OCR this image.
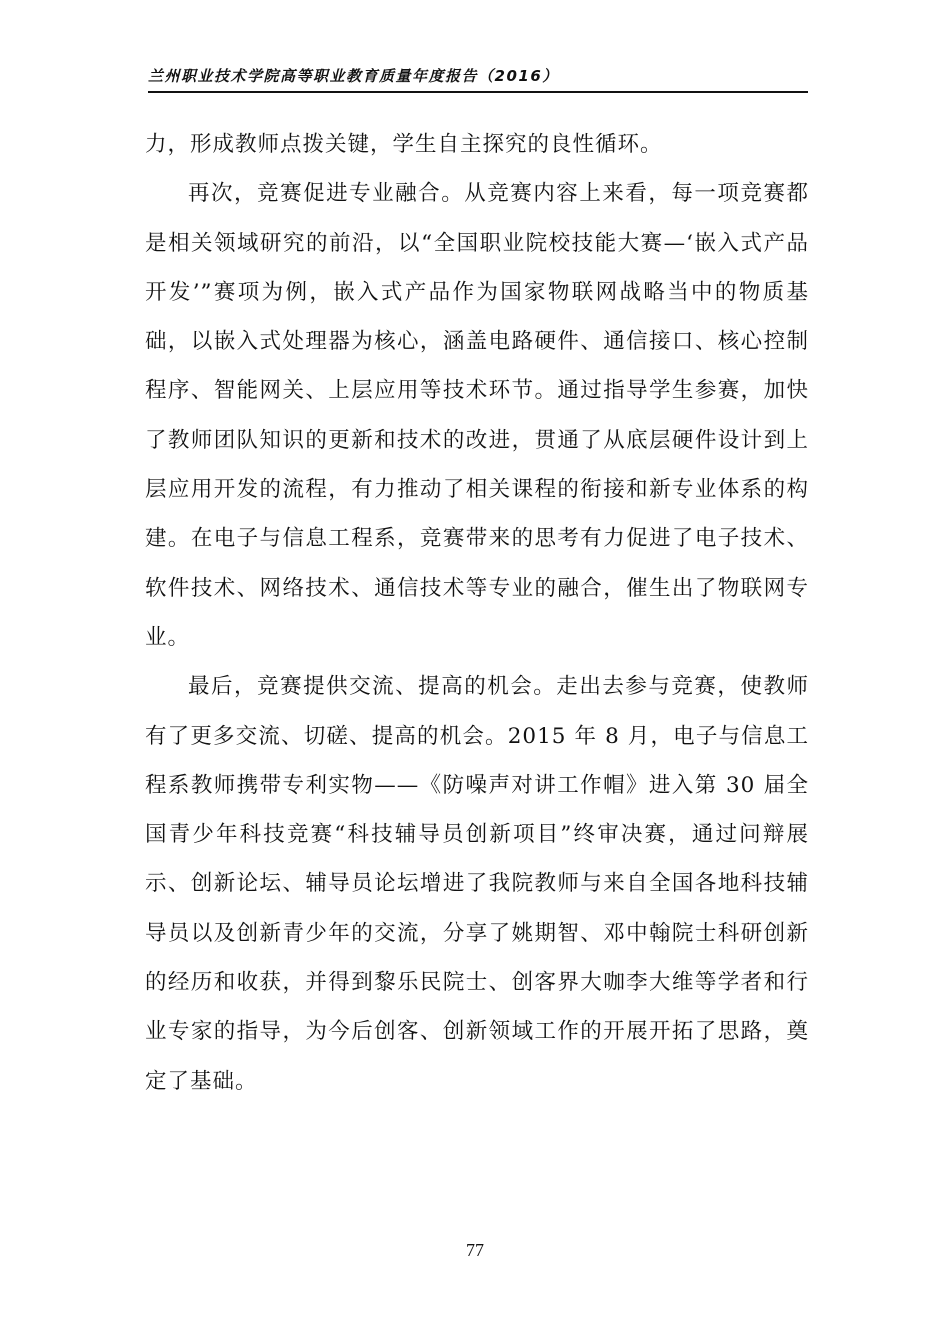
兰州职业技术学院高等职业教育质量年度报告（2016）

力，形成教师点拨关键，学生自主探究的良性循环。

再次，竞赛促进专业融合。从竞赛内容上来看，每一项竞赛都是相关领域研究的前沿，以“全国职业院校技能大赛—‘嵌入式产品开发’”赛项为例，嵌入式产品作为国家物联网战略当中的物质基础，以嵌入式处理器为核心，涵盖电路硬件、通信接口、核心控制程序、智能网关、上层应用等技术环节。通过指导学生参赛，加快了教师团队知识的更新和技术的改进，贯通了从底层硬件设计到上层应用开发的流程，有力推动了相关课程的衔接和新专业体系的构建。在电子与信息工程系，竞赛带来的思考有力促进了电子技术、软件技术、网络技术、通信技术等专业的融合，催生出了物联网专业。

最后，竞赛提供交流、提高的机会。走出去参与竞赛，使教师有了更多交流、切磋、提高的机会。2015 年 8 月，电子与信息工程系教师携带专利实物——《防噪声对讲工作帽》进入第 30 届全国青少年科技竞赛“科技辅导员创新项目”终审决赛，通过问辩展示、创新论坛、辅导员论坛增进了我院教师与来自全国各地科技辅导员以及创新青少年的交流，分享了姚期智、邓中翰院士科研创新的经历和收获，并得到黎乐民院士、创客界大咖李大维等学者和行业专家的指导，为今后创客、创新领域工作的开展开拓了思路，奠定了基础。

77
